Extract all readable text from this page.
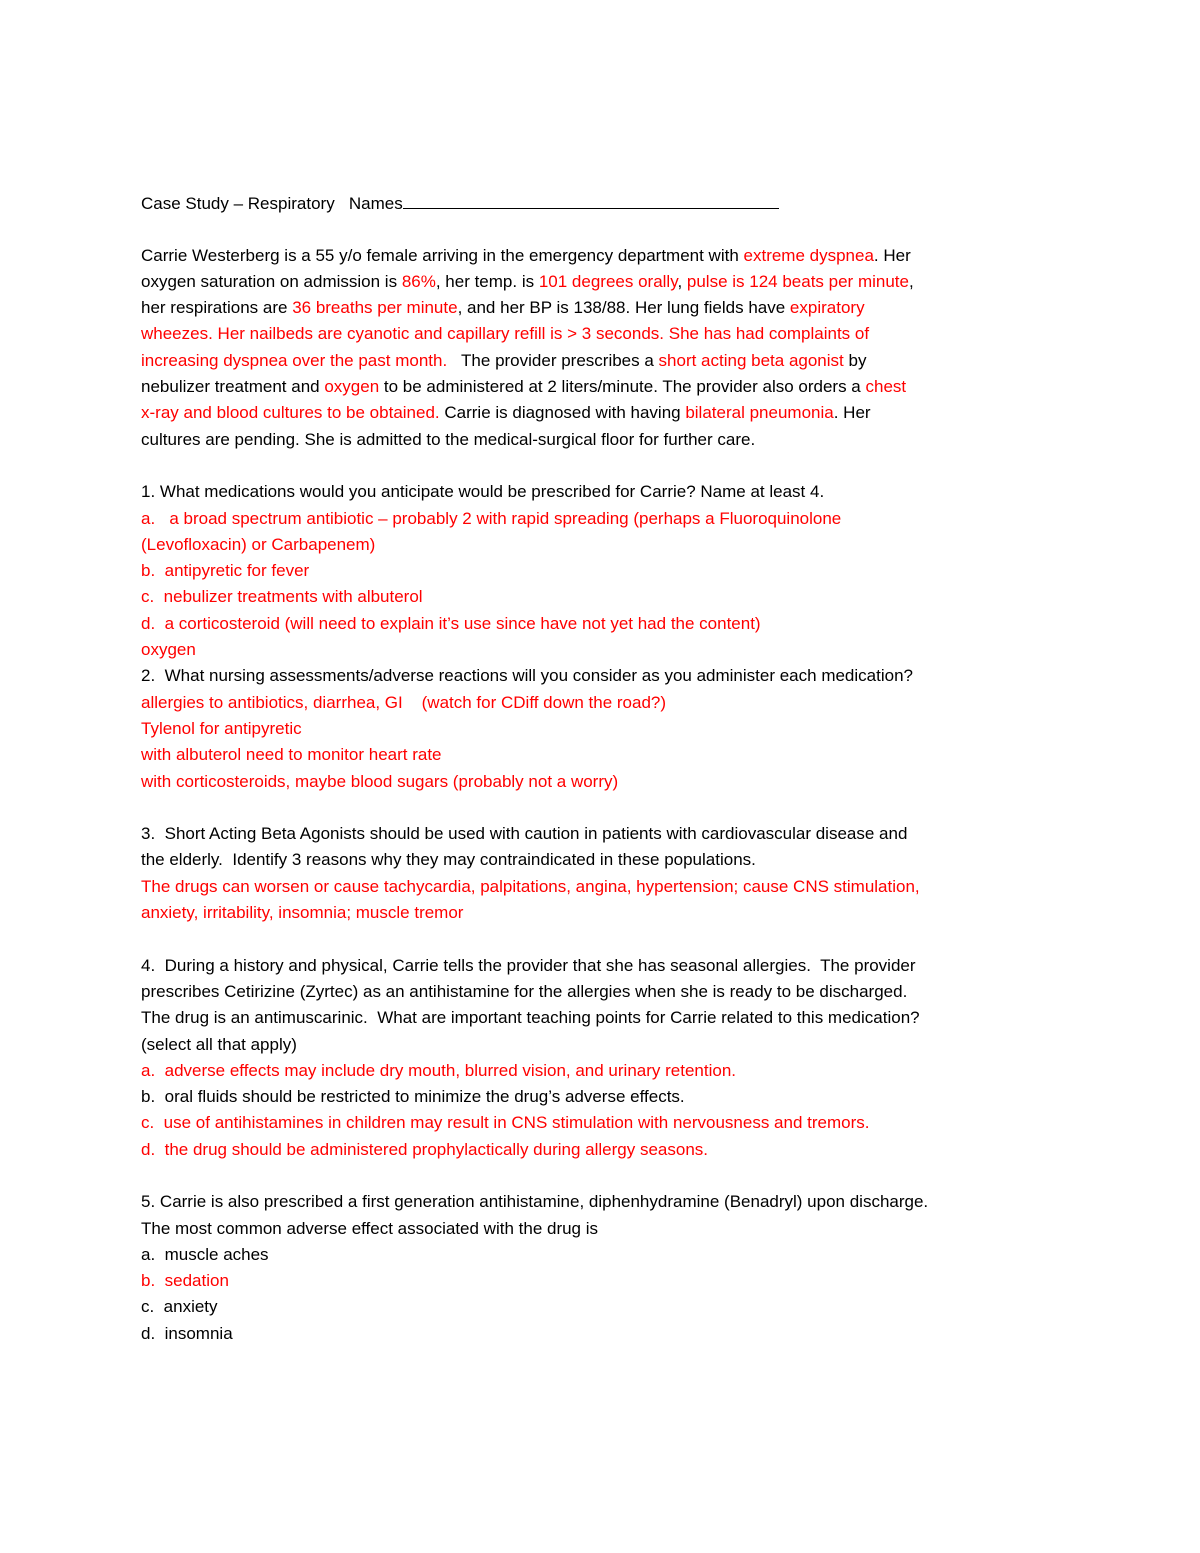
Case Study – Respiratory Names
Carrie Westerberg is a 55 y/o female arriving in the emergency department with extreme dyspnea. Her
oxygen saturation on admission is 86%, her temp. is 101 degrees orally, pulse is 124 beats per minute,
her respirations are 36 breaths per minute, and her BP is 138/88. Her lung fields have expiratory
wheezes. Her nailbeds are cyanotic and capillary refill is > 3 seconds. She has had complaints of
increasing dyspnea over the past month.   The provider prescribes a short acting beta agonist by
nebulizer treatment and oxygen to be administered at 2 liters/minute. The provider also orders a chest
x-ray and blood cultures to be obtained. Carrie is diagnosed with having bilateral pneumonia. Her
cultures are pending. She is admitted to the medical-surgical floor for further care.
1. What medications would you anticipate would be prescribed for Carrie? Name at least 4.
a.   a broad spectrum antibiotic – probably 2 with rapid spreading (perhaps a Fluoroquinolone
(Levofloxacin) or Carbapenem)
b.  antipyretic for fever
c.  nebulizer treatments with albuterol
d.  a corticosteroid (will need to explain it’s use since have not yet had the content)
oxygen
2.  What nursing assessments/adverse reactions will you consider as you administer each medication?
allergies to antibiotics, diarrhea, GI    (watch for CDiff down the road?)
Tylenol for antipyretic
with albuterol need to monitor heart rate
with corticosteroids, maybe blood sugars (probably not a worry)
3.  Short Acting Beta Agonists should be used with caution in patients with cardiovascular disease and
the elderly.  Identify 3 reasons why they may contraindicated in these populations.
The drugs can worsen or cause tachycardia, palpitations, angina, hypertension; cause CNS stimulation,
anxiety, irritability, insomnia; muscle tremor
4.  During a history and physical, Carrie tells the provider that she has seasonal allergies.  The provider
prescribes Cetirizine (Zyrtec) as an antihistamine for the allergies when she is ready to be discharged.
The drug is an antimuscarinic.  What are important teaching points for Carrie related to this medication?
(select all that apply)
a.  adverse effects may include dry mouth, blurred vision, and urinary retention.
b.  oral fluids should be restricted to minimize the drug’s adverse effects.
c.  use of antihistamines in children may result in CNS stimulation with nervousness and tremors.
d.  the drug should be administered prophylactically during allergy seasons.
5. Carrie is also prescribed a first generation antihistamine, diphenhydramine (Benadryl) upon discharge.
The most common adverse effect associated with the drug is
a.  muscle aches
b.  sedation
c.  anxiety
d.  insomnia
